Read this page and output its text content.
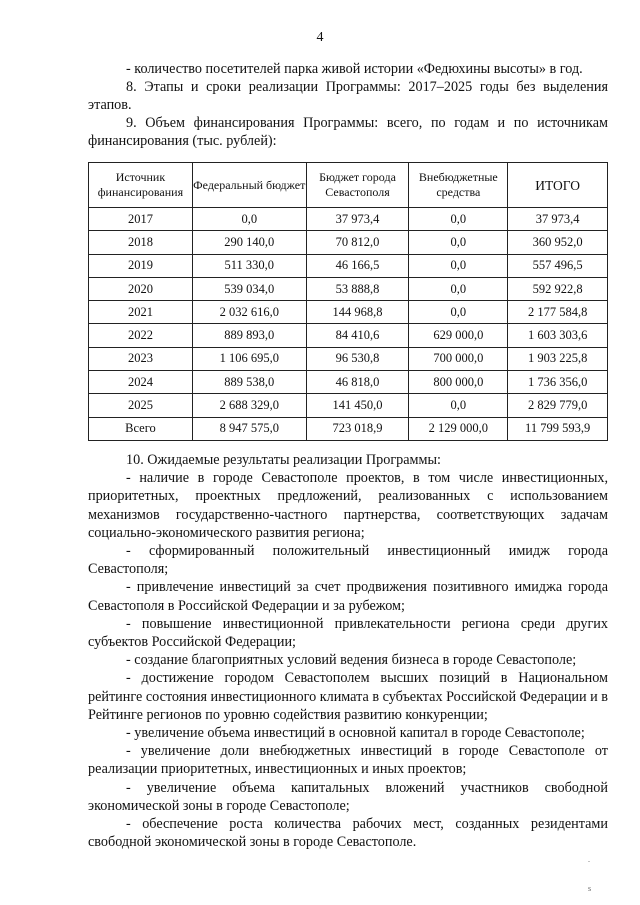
4

- количество посетителей парка живой истории «Федюхины высоты» в год.

8. Этапы и сроки реализации Программы: 2017–2025 годы без выделения этапов.

9. Объем финансирования Программы: всего, по годам и по источникам финансирования (тыс. рублей):

Источник финансирования	Федеральный бюджет	Бюджет города Севастополя	Внебюджетные средства	ИТОГО
2017	0,0	37 973,4	0,0	37 973,4
2018	290 140,0	70 812,0	0,0	360 952,0
2019	511 330,0	46 166,5	0,0	557 496,5
2020	539 034,0	53 888,8	0,0	592 922,8
2021	2 032 616,0	144 968,8	0,0	2 177 584,8
2022	889 893,0	84 410,6	629 000,0	1 603 303,6
2023	1 106 695,0	96 530,8	700 000,0	1 903 225,8
2024	889 538,0	46 818,0	800 000,0	1 736 356,0
2025	2 688 329,0	141 450,0	0,0	2 829 779,0
Всего	8 947 575,0	723 018,9	2 129 000,0	11 799 593,9

10. Ожидаемые результаты реализации Программы:

- наличие в городе Севастополе проектов, в том числе инвестиционных, приоритетных, проектных предложений, реализованных с использованием механизмов государственно-частного партнерства, соответствующих задачам социально-экономического развития региона;

- сформированный положительный инвестиционный имидж города Севастополя;

- привлечение инвестиций за счет продвижения позитивного имиджа города Севастополя в Российской Федерации и за рубежом;

- повышение инвестиционной привлекательности региона среди других субъектов Российской Федерации;

- создание благоприятных условий ведения бизнеса в городе Севастополе;

- достижение городом Севастополем высших позиций в Национальном рейтинге состояния инвестиционного климата в субъектах Российской Федерации и в Рейтинге регионов по уровню содействия развитию конкуренции;

- увеличение объема инвестиций в основной капитал в городе Севастополе;

- увеличение доли внебюджетных инвестиций в городе Севастополе от реализации приоритетных, инвестиционных и иных проектов;

- увеличение объема капитальных вложений участников свободной экономической зоны в городе Севастополе;

- обеспечение роста количества рабочих мест, созданных резидентами свободной экономической зоны в городе Севастополе.

.
s
